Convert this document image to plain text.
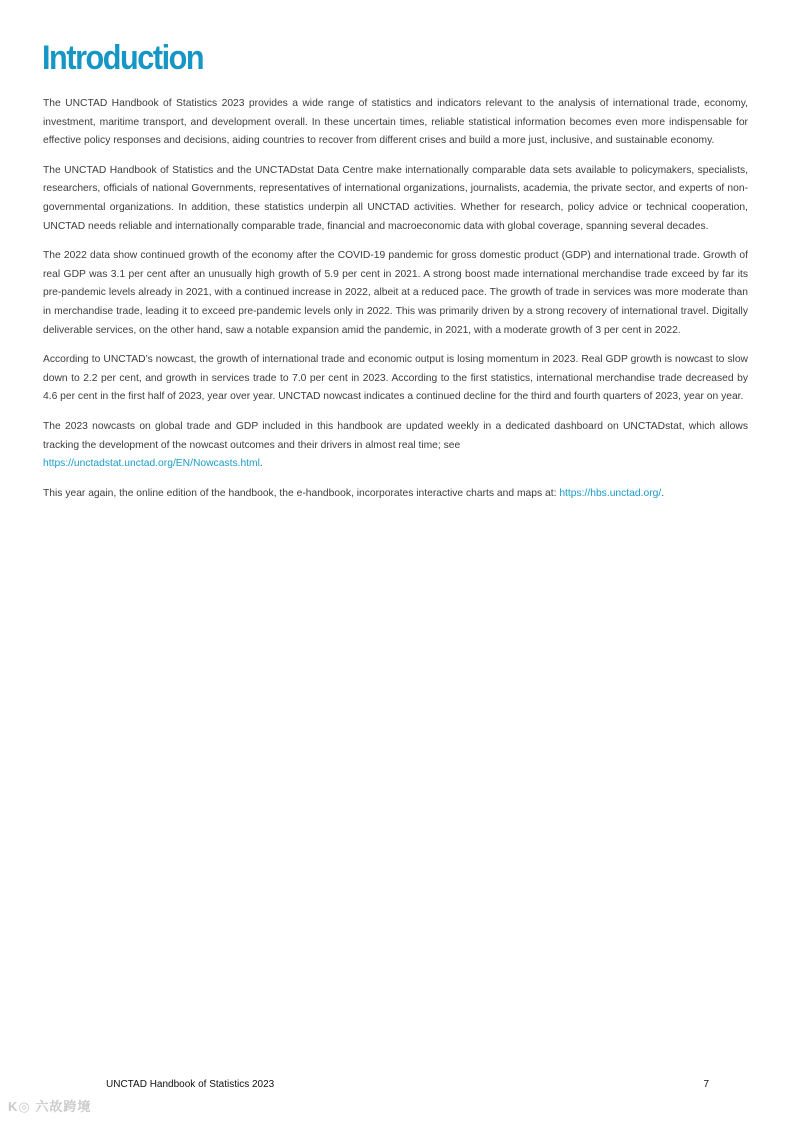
Introduction

The UNCTAD Handbook of Statistics 2023 provides a wide range of statistics and indicators relevant to the analysis of international trade, economy, investment, maritime transport, and development overall. In these uncertain times, reliable statistical information becomes even more indispensable for effective policy responses and decisions, aiding countries to recover from different crises and build a more just, inclusive, and sustainable economy.

The UNCTAD Handbook of Statistics and the UNCTADstat Data Centre make internationally comparable data sets available to policymakers, specialists, researchers, officials of national Governments, representatives of international organizations, journalists, academia, the private sector, and experts of non-governmental organizations. In addition, these statistics underpin all UNCTAD activities. Whether for research, policy advice or technical cooperation, UNCTAD needs reliable and internationally comparable trade, financial and macroeconomic data with global coverage, spanning several decades.

The 2022 data show continued growth of the economy after the COVID-19 pandemic for gross domestic product (GDP) and international trade. Growth of real GDP was 3.1 per cent after an unusually high growth of 5.9 per cent in 2021. A strong boost made international merchandise trade exceed by far its pre-pandemic levels already in 2021, with a continued increase in 2022, albeit at a reduced pace. The growth of trade in services was more moderate than in merchandise trade, leading it to exceed pre-pandemic levels only in 2022. This was primarily driven by a strong recovery of international travel. Digitally deliverable services, on the other hand, saw a notable expansion amid the pandemic, in 2021, with a moderate growth of 3 per cent in 2022.

According to UNCTAD’s nowcast, the growth of international trade and economic output is losing momentum in 2023. Real GDP growth is nowcast to slow down to 2.2 per cent, and growth in services trade to 7.0 per cent in 2023. According to the first statistics, international merchandise trade decreased by 4.6 per cent in the first half of 2023, year over year. UNCTAD nowcast indicates a continued decline for the third and fourth quarters of 2023, year on year.

The 2023 nowcasts on global trade and GDP included in this handbook are updated weekly in a dedicated dashboard on UNCTADstat, which allows tracking the development of the nowcast outcomes and their drivers in almost real time; see
https://unctadstat.unctad.org/EN/Nowcasts.html.

This year again, the online edition of the handbook, the e-handbook, incorporates interactive charts and maps at: https://hbs.unctad.org/.

UNCTAD Handbook of Statistics 2023	7
K◎ 六故跨境
